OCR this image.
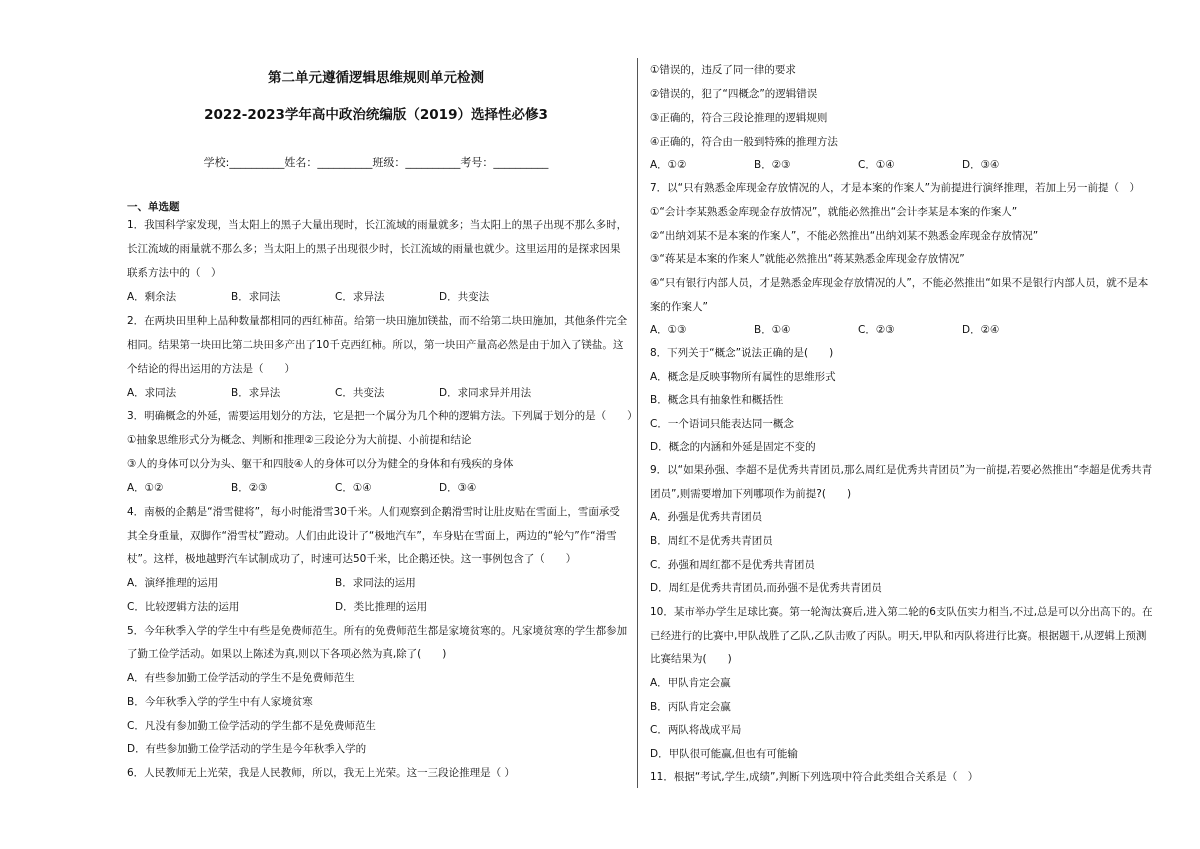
第二单元遵循逻辑思维规则单元检测
2022-2023学年高中政治统编版（2019）选择性必修3
学校:__________姓名：__________班级：__________考号：__________
一、单选题
1．我国科学家发现，当太阳上的黑子大量出现时，长江流域的雨量就多；当太阳上的黑子出现不那么多时，
长江流域的雨量就不那么多；当太阳上的黑子出现很少时，长江流域的雨量也就少。这里运用的是探求因果
联系方法中的（　）
A．剩余法	B．求同法	C．求异法	D．共变法
2．在两块田里种上品种数量都相同的西红柿苗。给第一块田施加镁盐，而不给第二块田施加，其他条件完全
相同。结果第一块田比第二块田多产出了10千克西红柿。所以，第一块田产量高必然是由于加入了镁盐。这
个结论的得出运用的方法是（　　）
A．求同法	B．求异法	C．共变法	D．求同求异并用法
3．明确概念的外延，需要运用划分的方法，它是把一个属分为几个种的逻辑方法。下列属于划分的是（　　）
①抽象思维形式分为概念、判断和推理②三段论分为大前提、小前提和结论
③人的身体可以分为头、躯干和四肢④人的身体可以分为健全的身体和有残疾的身体
A．①②	B．②③	C．①④	D．③④
4．南极的企鹅是“滑雪健将”，每小时能滑雪30千米。人们观察到企鹅滑雪时让肚皮贴在雪面上，雪面承受
其全身重量，双脚作“滑雪杖”蹬动。人们由此设计了“极地汽车”，车身贴在雪面上，两边的“轮勺”作“滑雪
杖”。这样，极地越野汽车试制成功了，时速可达50千米，比企鹅还快。这一事例包含了（　　）
A．演绎推理的运用	B．求同法的运用
C．比较逻辑方法的运用	D．类比推理的运用
5．今年秋季入学的学生中有些是免费师范生。所有的免费师范生都是家境贫寒的。凡家境贫寒的学生都参加
了勤工俭学活动。如果以上陈述为真,则以下各项必然为真,除了(　　)
A．有些参加勤工俭学活动的学生不是免费师范生
B．今年秋季入学的学生中有人家境贫寒
C．凡没有参加勤工俭学活动的学生都不是免费师范生
D．有些参加勤工俭学活动的学生是今年秋季入学的
6．人民教师无上光荣，我是人民教师，所以，我无上光荣。这一三段论推理是（ ）
①错误的，违反了同一律的要求
②错误的，犯了“四概念”的逻辑错误
③正确的，符合三段论推理的逻辑规则
④正确的，符合由一般到特殊的推理方法
A．①②	B．②③	C．①④	D．③④
7．以“只有熟悉金库现金存放情况的人，才是本案的作案人”为前提进行演绎推理，若加上另一前提（　）
①“会计李某熟悉金库现金存放情况”，就能必然推出“会计李某是本案的作案人”
②“出纳刘某不是本案的作案人”，不能必然推出“出纳刘某不熟悉金库现金存放情况”
③“蒋某是本案的作案人”就能必然推出“蒋某熟悉金库现金存放情况”
④“只有银行内部人员，才是熟悉金库现金存放情况的人”，不能必然推出“如果不是银行内部人员，就不是本
案的作案人”
A．①③	B．①④	C．②③	D．②④
8．下列关于“概念”说法正确的是(　　)
A．概念是反映事物所有属性的思维形式
B．概念具有抽象性和概括性
C．一个语词只能表达同一概念
D．概念的内涵和外延是固定不变的
9．以“如果孙强、李超不是优秀共青团员,那么周红是优秀共青团员”为一前提,若要必然推出“李超是优秀共青
团员”,则需要增加下列哪项作为前提?(　　)
A．孙强是优秀共青团员
B．周红不是优秀共青团员
C．孙强和周红都不是优秀共青团员
D．周红是优秀共青团员,而孙强不是优秀共青团员
10．某市举办学生足球比赛。第一轮淘汰赛后,进入第二轮的6支队伍实力相当,不过,总是可以分出高下的。在
已经进行的比赛中,甲队战胜了乙队,乙队击败了丙队。明天,甲队和丙队将进行比赛。根据题干,从逻辑上预测
比赛结果为(　　)
A．甲队肯定会赢
B．丙队肯定会赢
C．两队将战成平局
D．甲队很可能赢,但也有可能输
11．根据“考试,学生,成绩”,判断下列选项中符合此类组合关系是（　）
